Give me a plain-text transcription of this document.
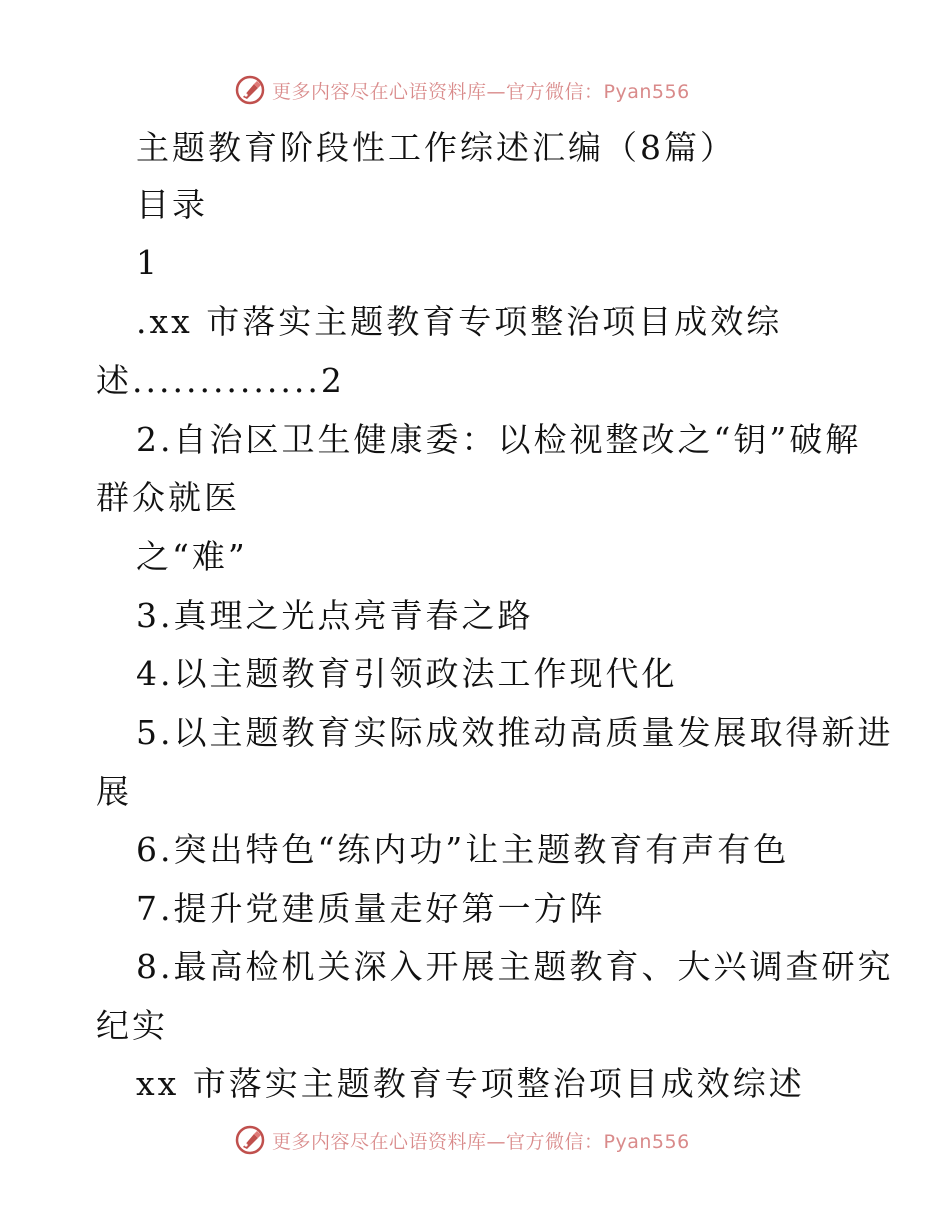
更多内容尽在心语资料库—官方微信：Pyan556
主题教育阶段性工作综述汇编（8篇）
目录
1
.xx 市落实主题教育专项整治项目成效综
述..............2
2.自治区卫生健康委：以检视整改之“钥”破解
群众就医
之“难”
3.真理之光点亮青春之路
4.以主题教育引领政法工作现代化
5.以主题教育实际成效推动高质量发展取得新进
展
6.突出特色“练内功”让主题教育有声有色
7.提升党建质量走好第一方阵
8.最高检机关深入开展主题教育、大兴调查研究
纪实
xx 市落实主题教育专项整治项目成效综述
更多内容尽在心语资料库—官方微信：Pyan556
